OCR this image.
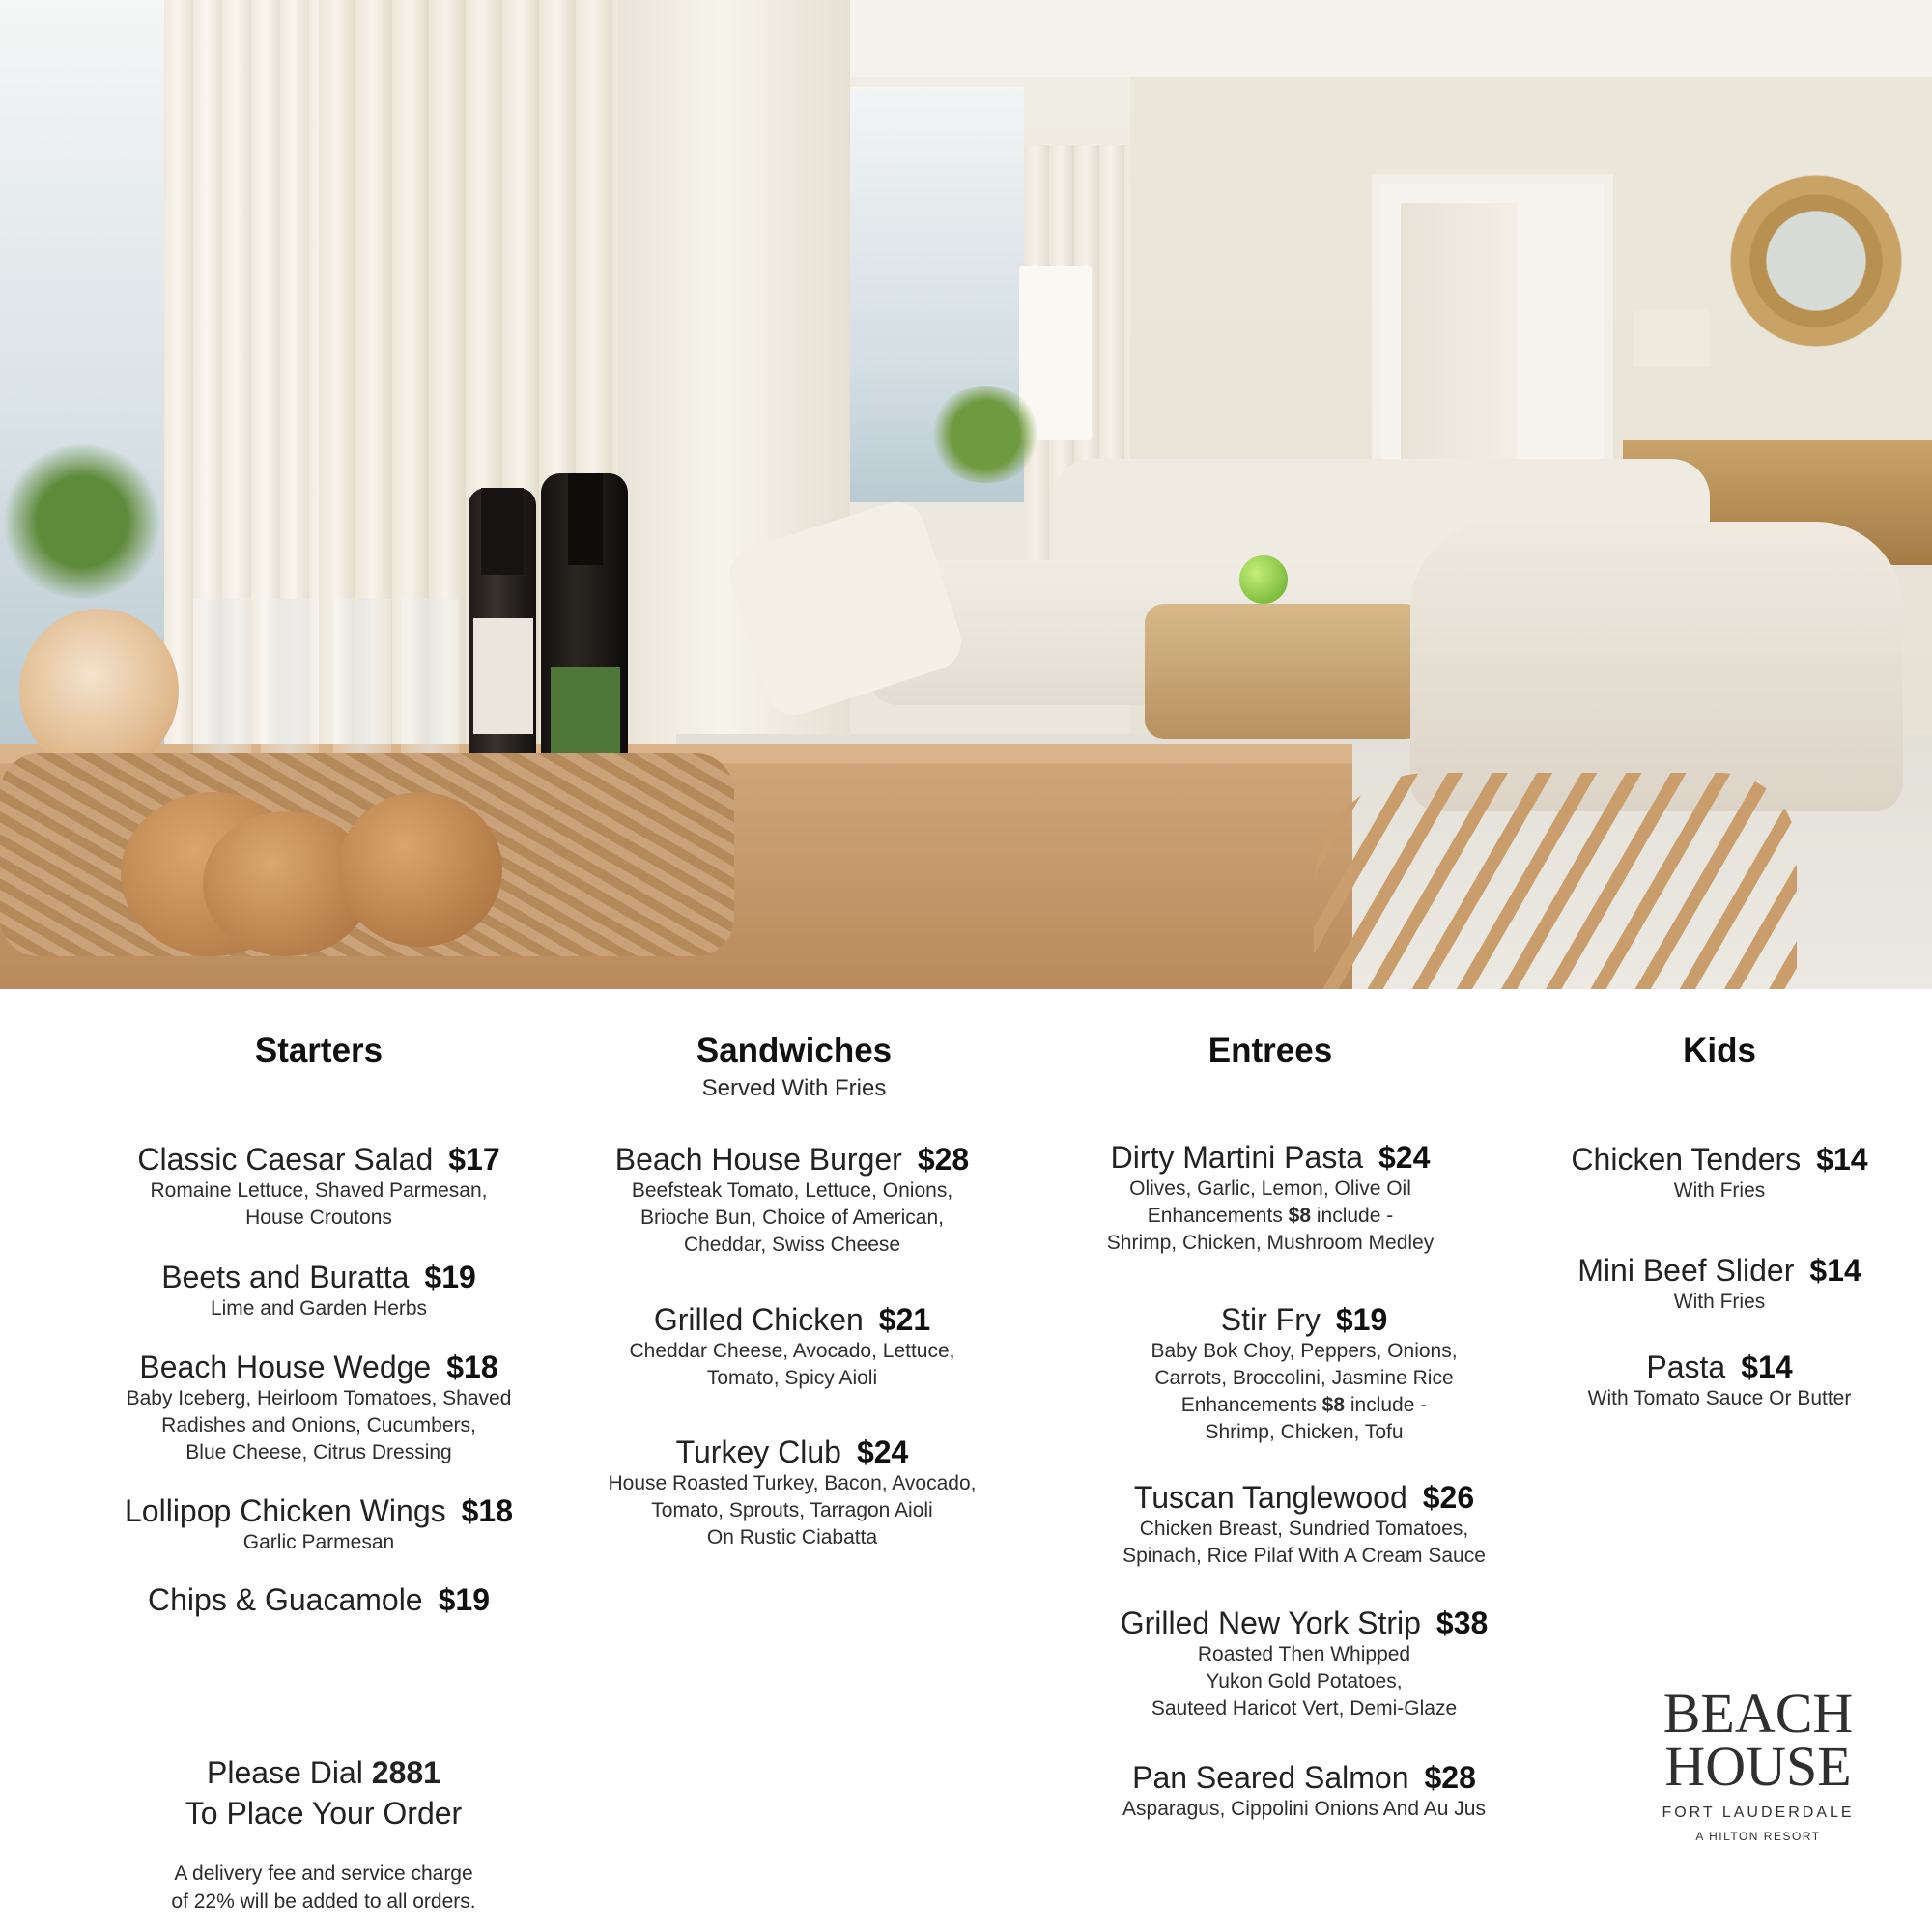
Starters
Classic Caesar Salad $17
Romaine Lettuce, Shaved Parmesan,
House Croutons
Beets and Buratta $19
Lime and Garden Herbs
Beach House Wedge $18
Baby Iceberg, Heirloom Tomatoes, Shaved
Radishes and Onions, Cucumbers,
Blue Cheese, Citrus Dressing
Lollipop Chicken Wings $18
Garlic Parmesan
Chips & Guacamole $19
Sandwiches
Served With Fries
Beach House Burger $28
Beefsteak Tomato, Lettuce, Onions,
Brioche Bun, Choice of American,
Cheddar, Swiss Cheese
Grilled Chicken $21
Cheddar Cheese, Avocado, Lettuce,
Tomato, Spicy Aioli
Turkey Club $24
House Roasted Turkey, Bacon, Avocado,
Tomato, Sprouts, Tarragon Aioli
On Rustic Ciabatta
Entrees
Dirty Martini Pasta $24
Olives, Garlic, Lemon, Olive Oil
Enhancements $8 include -
Shrimp, Chicken, Mushroom Medley
Stir Fry $19
Baby Bok Choy, Peppers, Onions,
Carrots, Broccolini, Jasmine Rice
Enhancements $8 include -
Shrimp, Chicken, Tofu
Tuscan Tanglewood $26
Chicken Breast, Sundried Tomatoes,
Spinach, Rice Pilaf With A Cream Sauce
Grilled New York Strip $38
Roasted Then Whipped
Yukon Gold Potatoes,
Sauteed Haricot Vert, Demi-Glaze
Pan Seared Salmon $28
Asparagus, Cippolini Onions And Au Jus
Kids
Chicken Tenders $14
With Fries
Mini Beef Slider $14
With Fries
Pasta $14
With Tomato Sauce Or Butter
Please Dial 2881
To Place Your Order
A delivery fee and service charge
of 22% will be added to all orders.
BEACH
HOUSE
FORT LAUDERDALE
A HILTON RESORT
